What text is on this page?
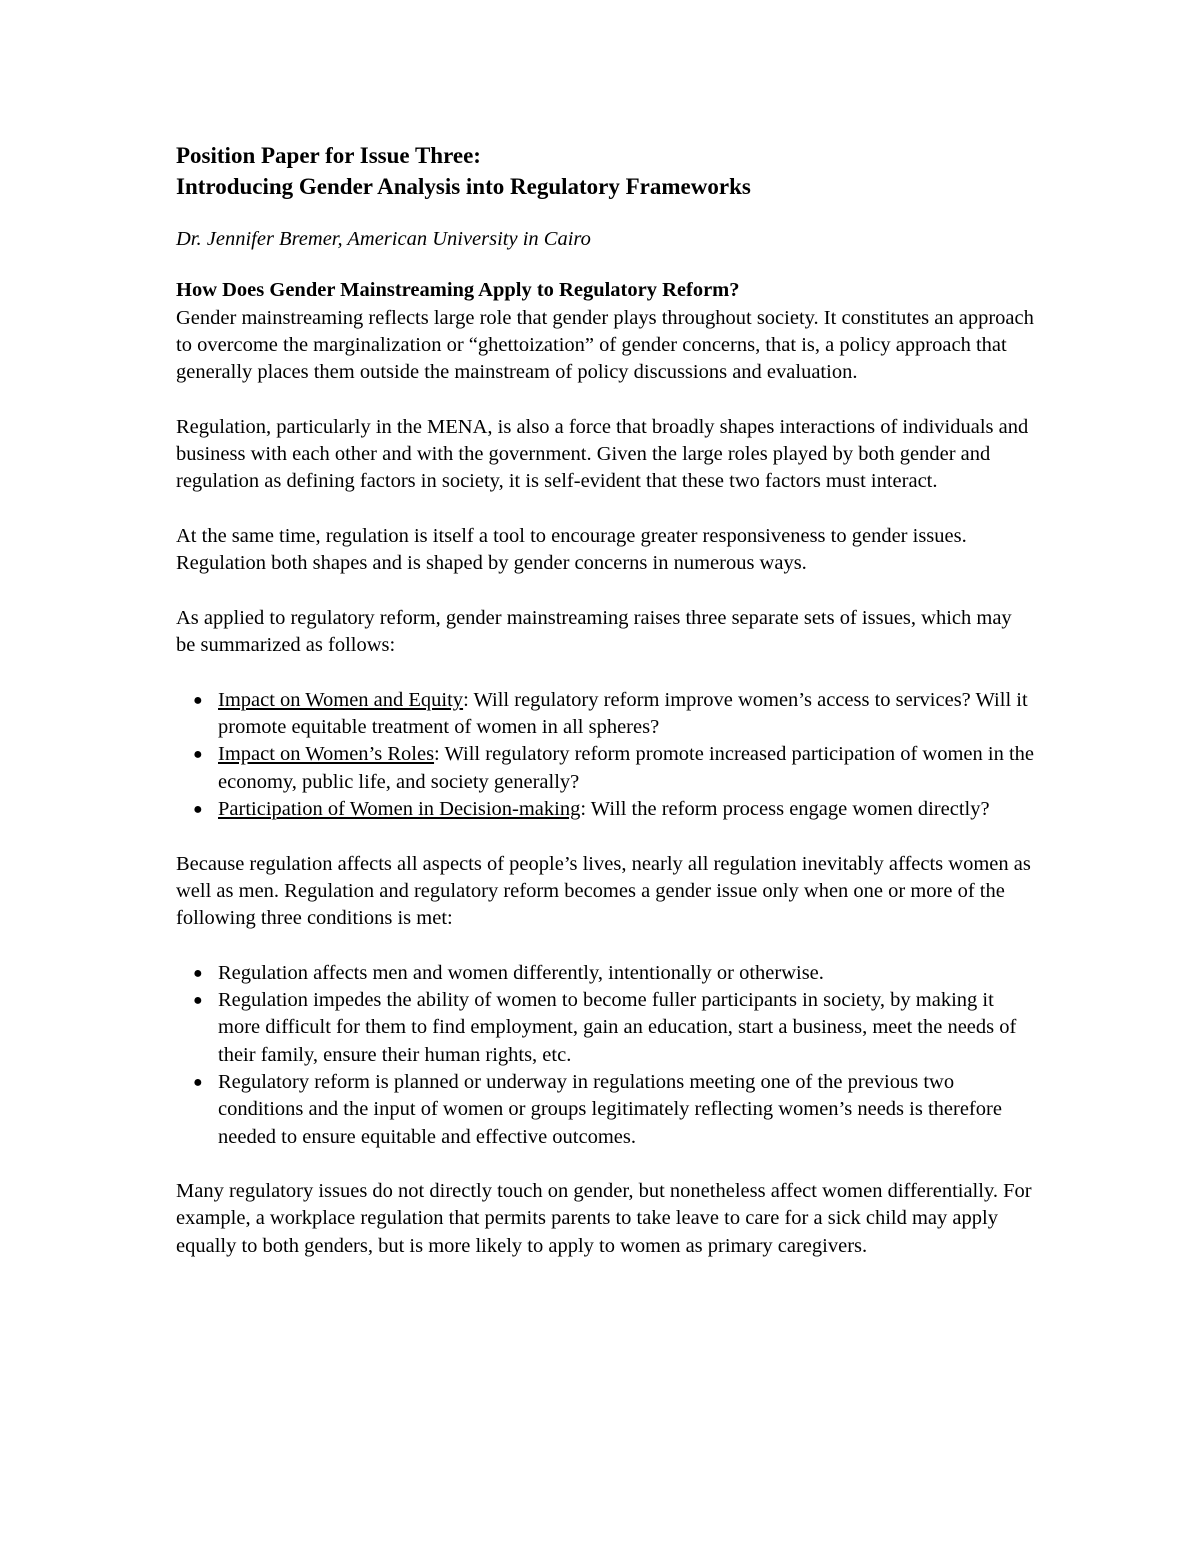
Position Paper for Issue Three:
Introducing Gender Analysis into Regulatory Frameworks

Dr. Jennifer Bremer, American University in Cairo

How Does Gender Mainstreaming Apply to Regulatory Reform?

Gender mainstreaming reflects large role that gender plays throughout society. It constitutes an approach to overcome the marginalization or “ghettoization” of gender concerns, that is, a policy approach that generally places them outside the mainstream of policy discussions and evaluation.

Regulation, particularly in the MENA, is also a force that broadly shapes interactions of individuals and business with each other and with the government. Given the large roles played by both gender and regulation as defining factors in society, it is self-evident that these two factors must interact.

At the same time, regulation is itself a tool to encourage greater responsiveness to gender issues. Regulation both shapes and is shaped by gender concerns in numerous ways.

As applied to regulatory reform, gender mainstreaming raises three separate sets of issues, which may be summarized as follows:

● Impact on Women and Equity: Will regulatory reform improve women’s access to services? Will it promote equitable treatment of women in all spheres?
● Impact on Women’s Roles: Will regulatory reform promote increased participation of women in the economy, public life, and society generally?
● Participation of Women in Decision-making: Will the reform process engage women directly?

Because regulation affects all aspects of people’s lives, nearly all regulation inevitably affects women as well as men. Regulation and regulatory reform becomes a gender issue only when one or more of the following three conditions is met:

● Regulation affects men and women differently, intentionally or otherwise.
● Regulation impedes the ability of women to become fuller participants in society, by making it more difficult for them to find employment, gain an education, start a business, meet the needs of their family, ensure their human rights, etc.
● Regulatory reform is planned or underway in regulations meeting one of the previous two conditions and the input of women or groups legitimately reflecting women’s needs is therefore needed to ensure equitable and effective outcomes.

Many regulatory issues do not directly touch on gender, but nonetheless affect women differentially. For example, a workplace regulation that permits parents to take leave to care for a sick child may apply equally to both genders, but is more likely to apply to women as primary caregivers.
